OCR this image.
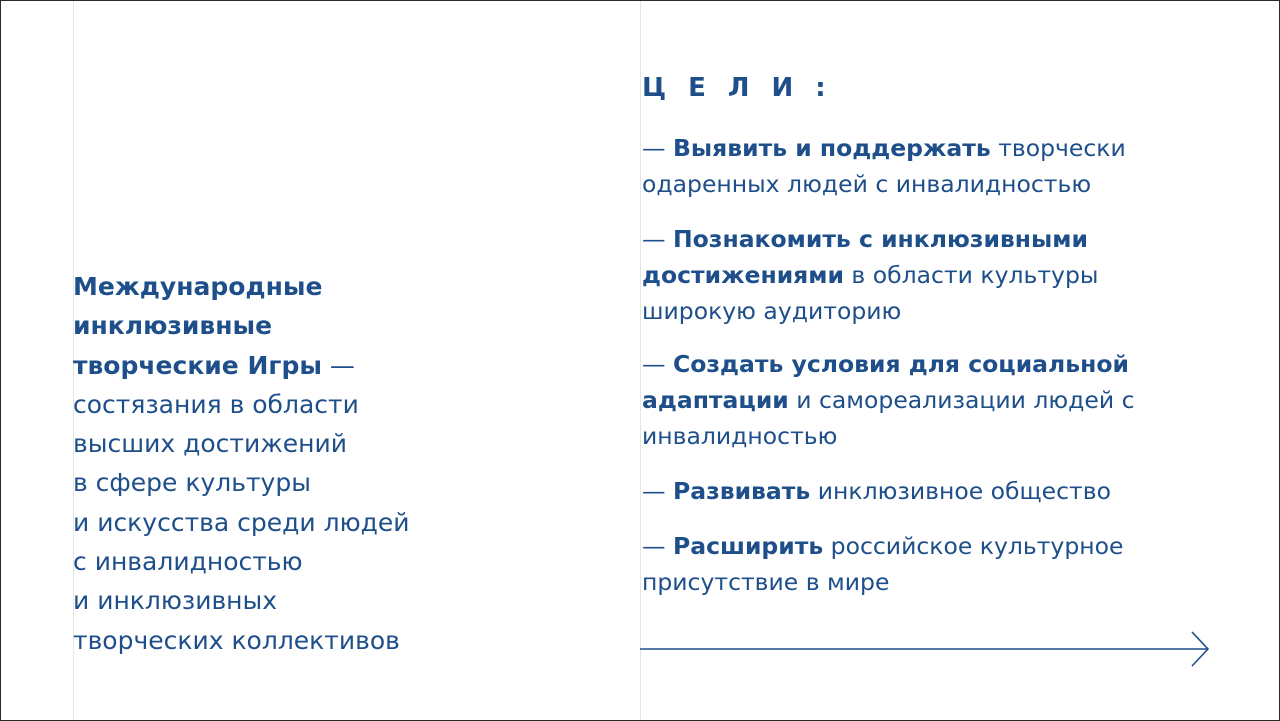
Международные
инклюзивные
творческие Игры —
состязания в области
высших достижений
в сфере культуры
и искусства среди людей
с инвалидностью
и инклюзивных
творческих коллективов
ЦЕЛИ:
— Выявить и поддержать творчески
одаренных людей с инвалидностью
— Познакомить с инклюзивными
достижениями в области культуры
широкую аудиторию
— Создать условия для социальной
адаптации и самореализации людей с
инвалидностью
— Развивать инклюзивное общество
— Расширить российское культурное
присутствие в мире
